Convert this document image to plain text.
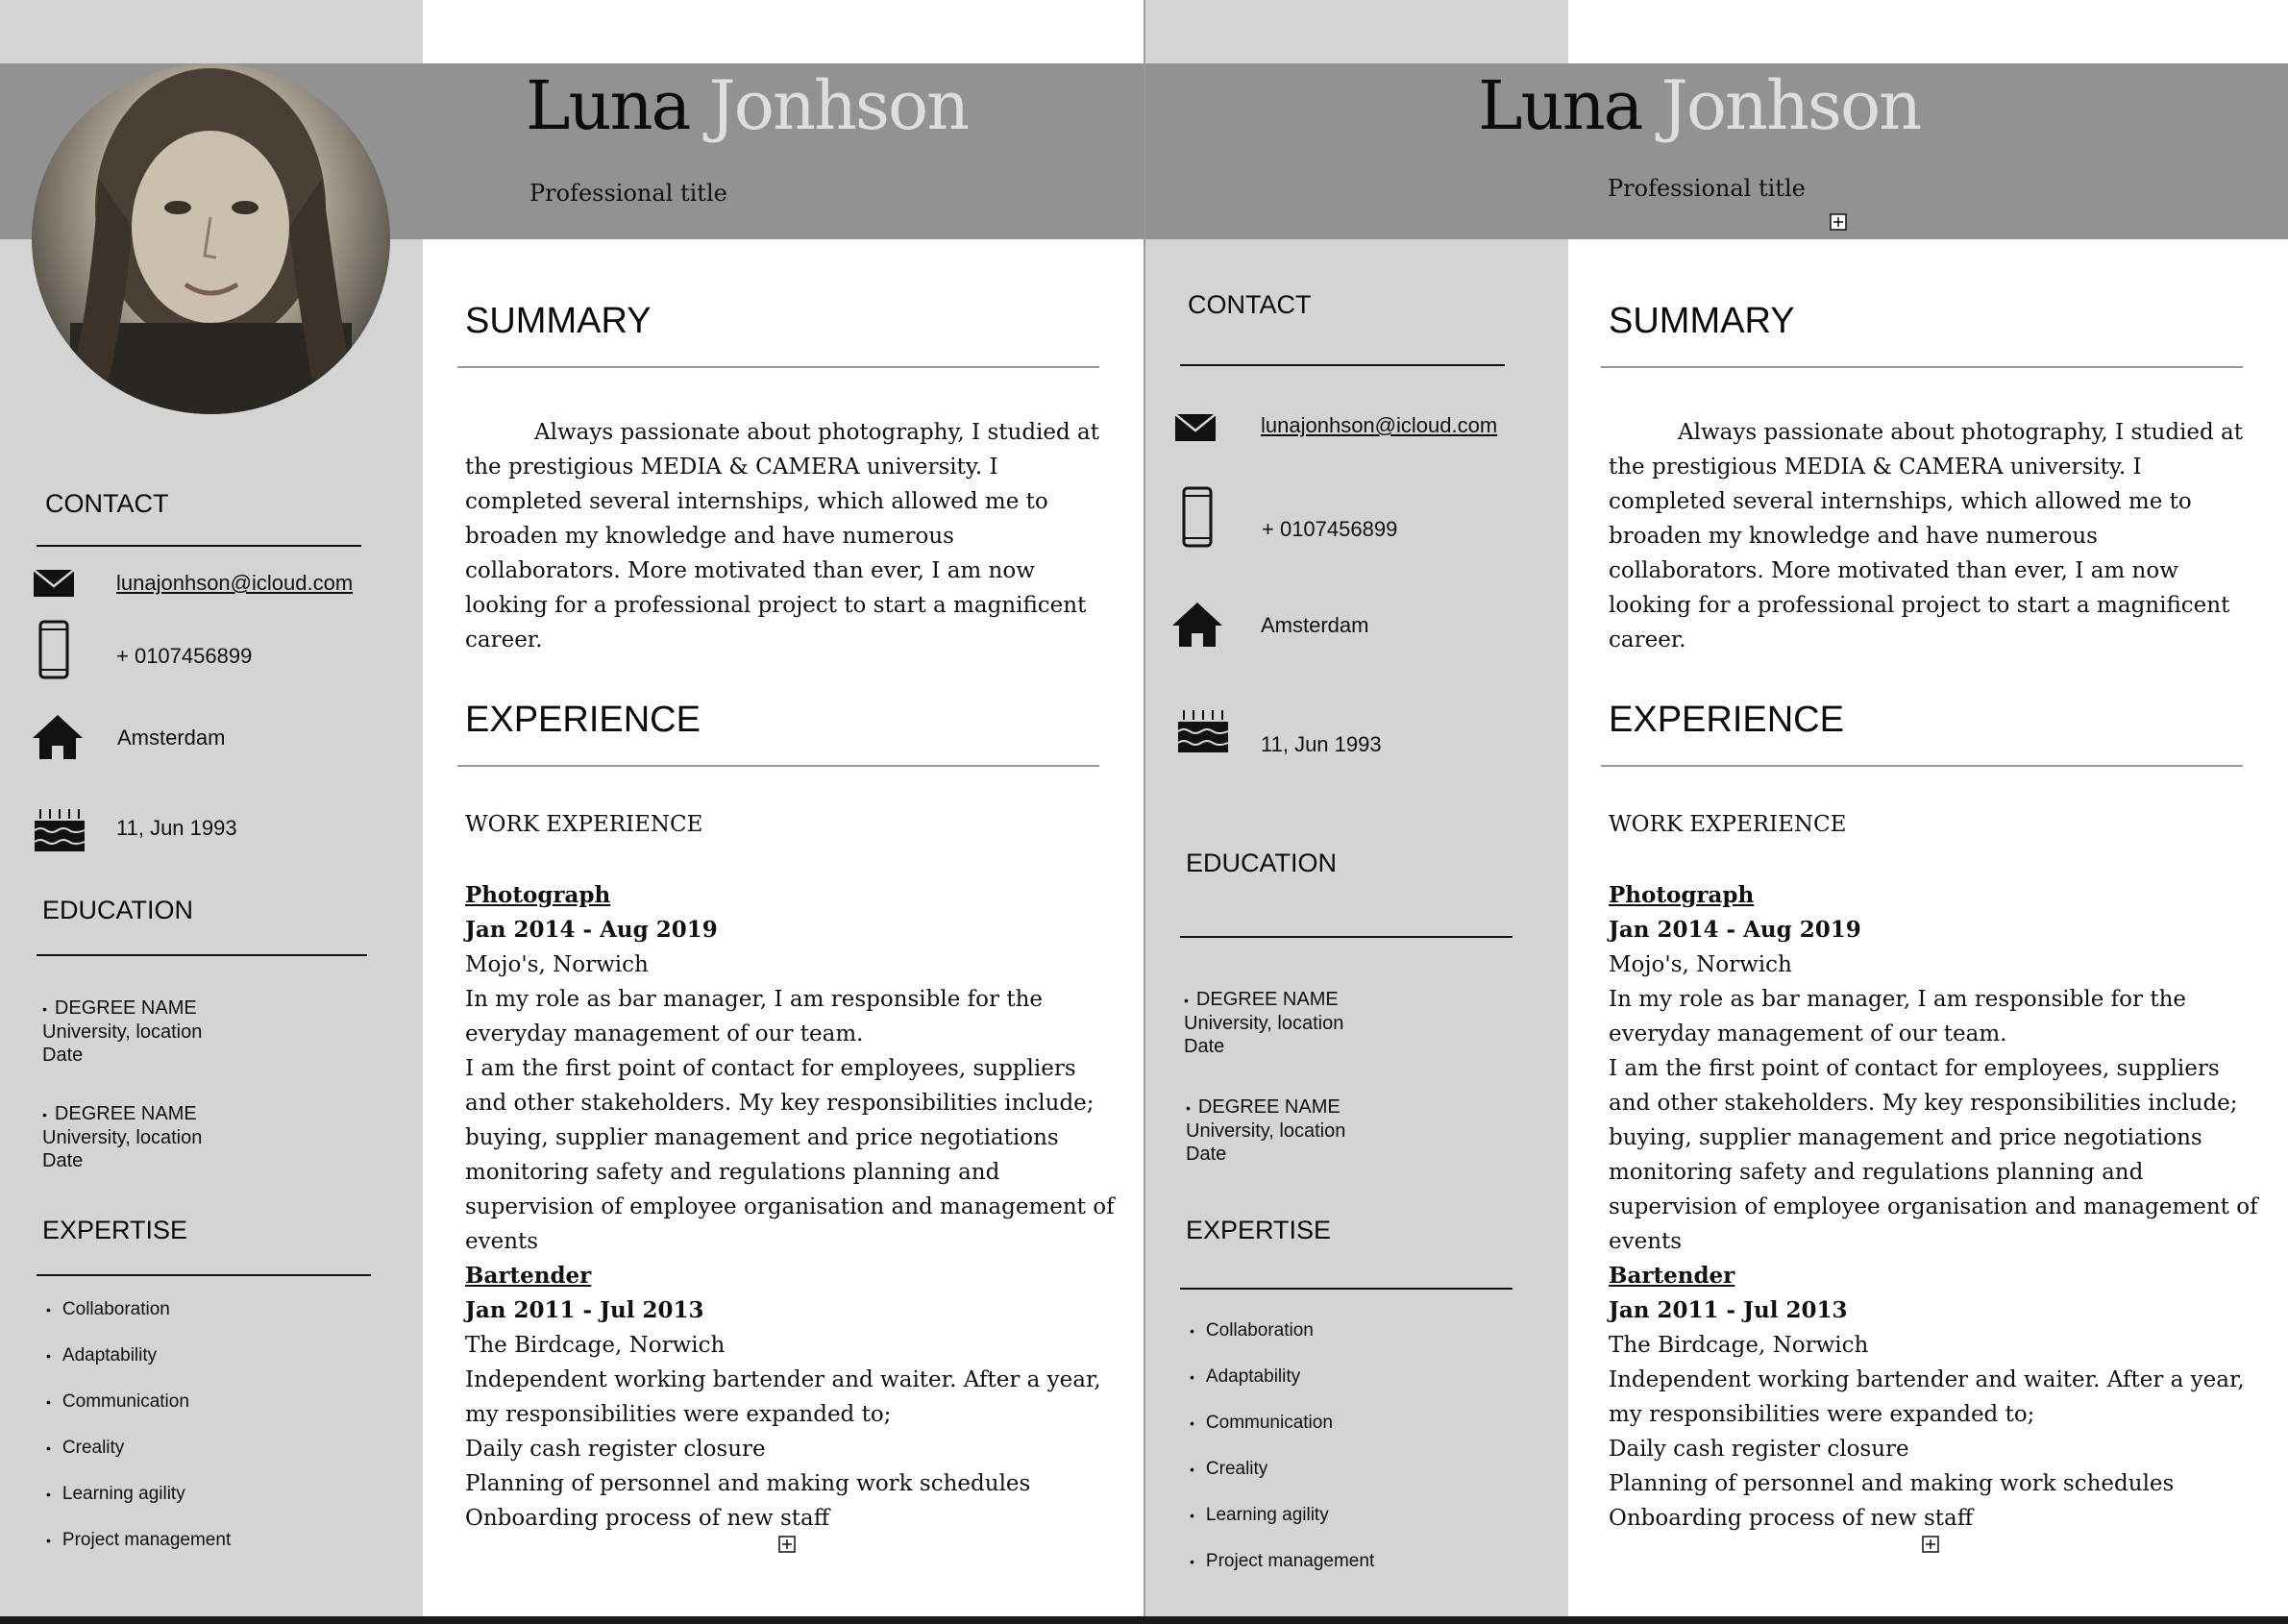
Luna Jonhson
Professional title
CONTACT
lunajonhson@icloud.com
+ 0107456899
Amsterdam
11, Jun 1993
EDUCATION
• DEGREE NAME
University, location
Date
• DEGREE NAME
University, location
Date
EXPERTISE
• Collaboration
• Adaptability
• Communication
• Creality
• Learning agility
• Project management
SUMMARY

Always passionate about photography, I studied at the prestigious MEDIA & CAMERA university. I completed several internships, which allowed me to broaden my knowledge and have numerous collaborators. More motivated than ever, I am now looking for a professional project to start a magnificent career.

EXPERIENCE
WORK EXPERIENCE
Photograph
Jan 2014 - Aug 2019
Mojo's, Norwich
In my role as bar manager, I am responsible for the everyday management of our team.
I am the first point of contact for employees, suppliers and other stakeholders. My key responsibilities include; buying, supplier management and price negotiations monitoring safety and regulations planning and supervision of employee organisation and management of events
Bartender
Jan 2011 - Jul 2013
The Birdcage, Norwich
Independent working bartender and waiter. After a year, my responsibilities were expanded to;
Daily cash register closure
Planning of personnel and making work schedules
Onboarding process of new staff
Luna Jonhson
Professional title
CONTACT
lunajonhson@icloud.com
+ 0107456899
Amsterdam
11, Jun 1993
EDUCATION
• DEGREE NAME
University, location
Date
• DEGREE NAME
University, location
Date
EXPERTISE
• Collaboration
• Adaptability
• Communication
• Creality
• Learning agility
• Project management
SUMMARY

Always passionate about photography, I studied at the prestigious MEDIA & CAMERA university. I completed several internships, which allowed me to broaden my knowledge and have numerous collaborators. More motivated than ever, I am now looking for a professional project to start a magnificent career.

EXPERIENCE
WORK EXPERIENCE
Photograph
Jan 2014 - Aug 2019
Mojo's, Norwich
In my role as bar manager, I am responsible for the everyday management of our team.
I am the first point of contact for employees, suppliers and other stakeholders. My key responsibilities include; buying, supplier management and price negotiations monitoring safety and regulations planning and supervision of employee organisation and management of events
Bartender
Jan 2011 - Jul 2013
The Birdcage, Norwich
Independent working bartender and waiter. After a year, my responsibilities were expanded to;
Daily cash register closure
Planning of personnel and making work schedules
Onboarding process of new staff
